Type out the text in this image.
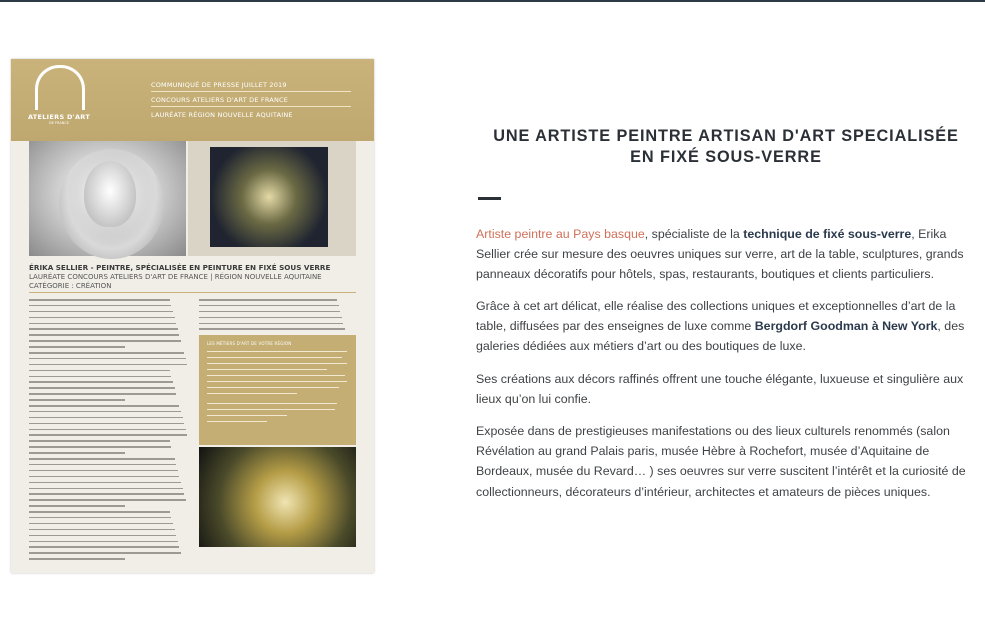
ATELIERS D'ART
DE FRANCE
COMMUNIQUÉ DE PRESSE JUILLET 2019
CONCOURS ATELIERS D'ART DE FRANCE
LAURÉATE RÉGION NOUVELLE AQUITAINE
ÉRIKA SELLIER - PEINTRE, SPÉCIALISÉE EN PEINTURE EN FIXÉ SOUS VERRE
LAURÉATE CONCOURS ATELIERS D'ART DE FRANCE | RÉGION NOUVELLE AQUITAINE
CATÉGORIE : CRÉATION
LES MÉTIERS D'ART DE VOTRE RÉGION
UNE ARTISTE PEINTRE ARTISAN D'ART SPECIALISÉE
EN FIXÉ SOUS-VERRE

Artiste peintre au Pays basque, spécialiste de la technique de fixé sous-verre, Erika Sellier crée sur mesure des oeuvres uniques sur verre, art de la table, sculptures, grands panneaux décoratifs pour hôtels, spas, restaurants, boutiques et clients particuliers.

Grâce à cet art délicat, elle réalise des collections uniques et exceptionnelles d’art de la table, diffusées par des enseignes de luxe comme Bergdorf Goodman à New York, des galeries dédiées aux métiers d’art ou des boutiques de luxe.

Ses créations aux décors raffinés offrent une touche élégante, luxueuse et singulière aux lieux qu’on lui confie.

Exposée dans de prestigieuses manifestations ou des lieux culturels renommés (salon Révélation au grand Palais paris, musée Hèbre à Rochefort, musée d’Aquitaine de Bordeaux, musée du Revard… ) ses oeuvres sur verre suscitent l’intérêt et la curiosité de collectionneurs, décorateurs d’intérieur, architectes et amateurs de pièces uniques.
